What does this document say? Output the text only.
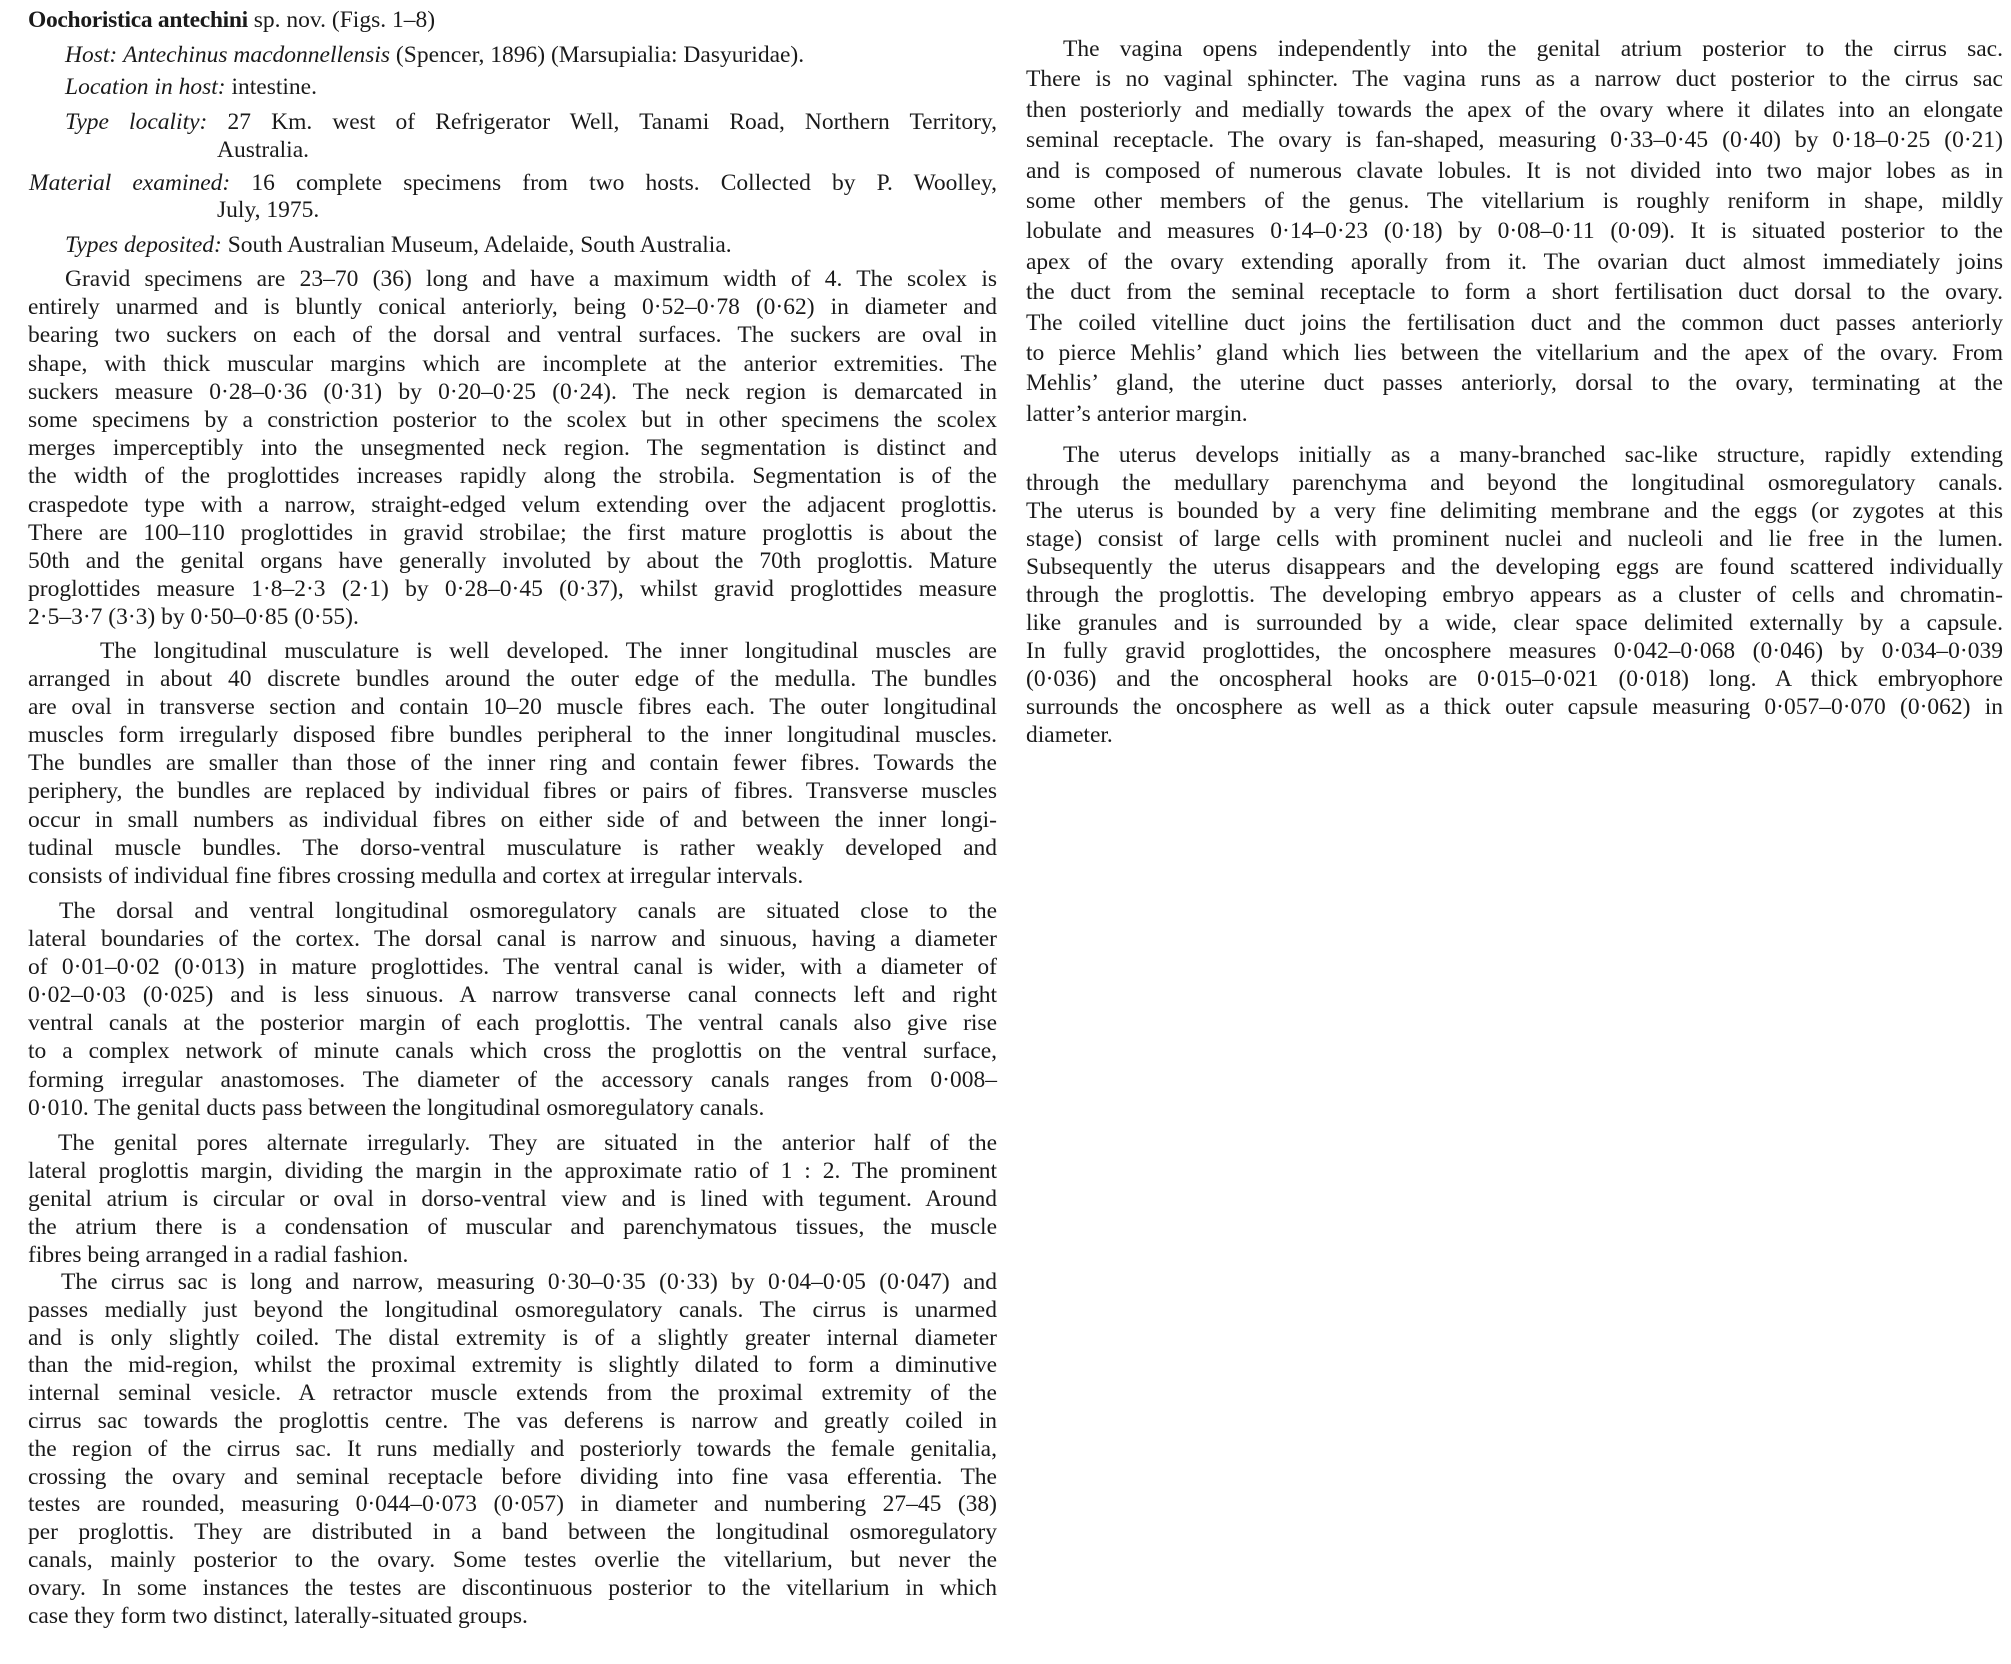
Oochoristica antechini sp. nov. (Figs. 1–8)
Host: Antechinus macdonnellensis (Spencer, 1896) (Marsupialia: Dasyuridae).
Location in host: intestine.
Type locality: 27 Km. west of Refrigerator Well, Tanami Road, Northern Territory,
Australia.
Material examined: 16 complete specimens from two hosts. Collected by P. Woolley,
July, 1975.
Types deposited: South Australian Museum, Adelaide, South Australia.
Gravid specimens are 23–70 (36) long and have a maximum width of 4. The scolex is
entirely unarmed and is bluntly conical anteriorly, being 0·52–0·78 (0·62) in diameter and
bearing two suckers on each of the dorsal and ventral surfaces. The suckers are oval in
shape, with thick muscular margins which are incomplete at the anterior extremities. The
suckers measure 0·28–0·36 (0·31) by 0·20–0·25 (0·24). The neck region is demarcated in
some specimens by a constriction posterior to the scolex but in other specimens the scolex
merges imperceptibly into the unsegmented neck region. The segmentation is distinct and
the width of the proglottides increases rapidly along the strobila. Segmentation is of the
craspedote type with a narrow, straight-edged velum extending over the adjacent proglottis.
There are 100–110 proglottides in gravid strobilae; the first mature proglottis is about the
50th and the genital organs have generally involuted by about the 70th proglottis. Mature
proglottides measure 1·8–2·3 (2·1) by 0·28–0·45 (0·37), whilst gravid proglottides measure
2·5–3·7 (3·3) by 0·50–0·85 (0·55).
The longitudinal musculature is well developed. The inner longitudinal muscles are
arranged in about 40 discrete bundles around the outer edge of the medulla. The bundles
are oval in transverse section and contain 10–20 muscle fibres each. The outer longitudinal
muscles form irregularly disposed fibre bundles peripheral to the inner longitudinal muscles.
The bundles are smaller than those of the inner ring and contain fewer fibres. Towards the
periphery, the bundles are replaced by individual fibres or pairs of fibres. Transverse muscles
occur in small numbers as individual fibres on either side of and between the inner longi-
tudinal muscle bundles. The dorso-ventral musculature is rather weakly developed and
consists of individual fine fibres crossing medulla and cortex at irregular intervals.
The dorsal and ventral longitudinal osmoregulatory canals are situated close to the
lateral boundaries of the cortex. The dorsal canal is narrow and sinuous, having a diameter
of 0·01–0·02 (0·013) in mature proglottides. The ventral canal is wider, with a diameter of
0·02–0·03 (0·025) and is less sinuous. A narrow transverse canal connects left and right
ventral canals at the posterior margin of each proglottis. The ventral canals also give rise
to a complex network of minute canals which cross the proglottis on the ventral surface,
forming irregular anastomoses. The diameter of the accessory canals ranges from 0·008–
0·010. The genital ducts pass between the longitudinal osmoregulatory canals.
The genital pores alternate irregularly. They are situated in the anterior half of the
lateral proglottis margin, dividing the margin in the approximate ratio of 1 : 2. The prominent
genital atrium is circular or oval in dorso-ventral view and is lined with tegument. Around
the atrium there is a condensation of muscular and parenchymatous tissues, the muscle
fibres being arranged in a radial fashion.
The cirrus sac is long and narrow, measuring 0·30–0·35 (0·33) by 0·04–0·05 (0·047) and
passes medially just beyond the longitudinal osmoregulatory canals. The cirrus is unarmed
and is only slightly coiled. The distal extremity is of a slightly greater internal diameter
than the mid-region, whilst the proximal extremity is slightly dilated to form a diminutive
internal seminal vesicle. A retractor muscle extends from the proximal extremity of the
cirrus sac towards the proglottis centre. The vas deferens is narrow and greatly coiled in
the region of the cirrus sac. It runs medially and posteriorly towards the female genitalia,
crossing the ovary and seminal receptacle before dividing into fine vasa efferentia. The
testes are rounded, measuring 0·044–0·073 (0·057) in diameter and numbering 27–45 (38)
per proglottis. They are distributed in a band between the longitudinal osmoregulatory
canals, mainly posterior to the ovary. Some testes overlie the vitellarium, but never the
ovary. In some instances the testes are discontinuous posterior to the vitellarium in which
case they form two distinct, laterally-situated groups.
The vagina opens independently into the genital atrium posterior to the cirrus sac.
There is no vaginal sphincter. The vagina runs as a narrow duct posterior to the cirrus sac
then posteriorly and medially towards the apex of the ovary where it dilates into an elongate
seminal receptacle. The ovary is fan-shaped, measuring 0·33–0·45 (0·40) by 0·18–0·25 (0·21)
and is composed of numerous clavate lobules. It is not divided into two major lobes as in
some other members of the genus. The vitellarium is roughly reniform in shape, mildly
lobulate and measures 0·14–0·23 (0·18) by 0·08–0·11 (0·09). It is situated posterior to the
apex of the ovary extending aporally from it. The ovarian duct almost immediately joins
the duct from the seminal receptacle to form a short fertilisation duct dorsal to the ovary.
The coiled vitelline duct joins the fertilisation duct and the common duct passes anteriorly
to pierce Mehlis’ gland which lies between the vitellarium and the apex of the ovary. From
Mehlis’ gland, the uterine duct passes anteriorly, dorsal to the ovary, terminating at the
latter’s anterior margin.
The uterus develops initially as a many-branched sac-like structure, rapidly extending
through the medullary parenchyma and beyond the longitudinal osmoregulatory canals.
The uterus is bounded by a very fine delimiting membrane and the eggs (or zygotes at this
stage) consist of large cells with prominent nuclei and nucleoli and lie free in the lumen.
Subsequently the uterus disappears and the developing eggs are found scattered individually
through the proglottis. The developing embryo appears as a cluster of cells and chromatin-
like granules and is surrounded by a wide, clear space delimited externally by a capsule.
In fully gravid proglottides, the oncosphere measures 0·042–0·068 (0·046) by 0·034–0·039
(0·036) and the oncospheral hooks are 0·015–0·021 (0·018) long. A thick embryophore
surrounds the oncosphere as well as a thick outer capsule measuring 0·057–0·070 (0·062) in
diameter.
